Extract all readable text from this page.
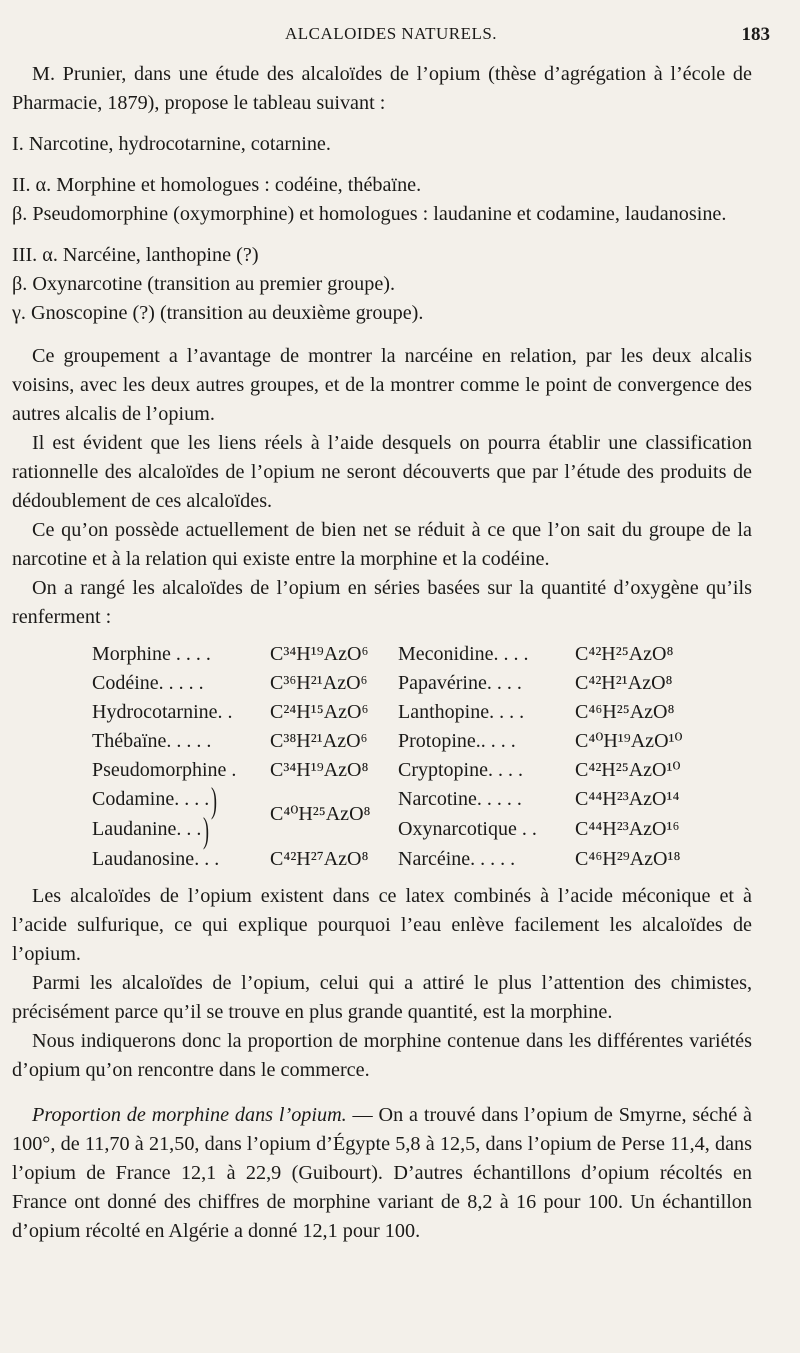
ALCALOIDES NATURELS.	183

M. Prunier, dans une étude des alcaloïdes de l’opium (thèse d’agrégation à l’école de Pharmacie, 1879), propose le tableau suivant :

I. Narcotine, hydrocotarnine, cotarnine.

II. α. Morphine et homologues : codéine, thébaïne.

β. Pseudomorphine (oxymorphine) et homologues : laudanine et codamine, laudanosine.

III. α. Narcéine, lanthopine (?)

β. Oxynarcotine (transition au premier groupe).

γ. Gnoscopine (?) (transition au deuxième groupe).

Ce groupement a l’avantage de montrer la narcéine en relation, par les deux alcalis voisins, avec les deux autres groupes, et de la montrer comme le point de convergence des autres alcalis de l’opium.

Il est évident que les liens réels à l’aide desquels on pourra établir une classification rationnelle des alcaloïdes de l’opium ne seront découverts que par l’étude des produits de dédoublement de ces alcaloïdes.

Ce qu’on possède actuellement de bien net se réduit à ce que l’on sait du groupe de la narcotine et à la relation qui existe entre la morphine et la codéine.

On a rangé les alcaloïdes de l’opium en séries basées sur la quantité d’oxygène qu’ils renferment :

Morphine . . . .	C³⁴H¹⁹AzO⁶	Meconidine. . . .	C⁴²H²⁵AzO⁸
Codéine. . . . .	C³⁶H²¹AzO⁶	Papavérine. . . .	C⁴²H²¹AzO⁸
Hydrocotarnine. .	C²⁴H¹⁵AzO⁶	Lanthopine. . . .	C⁴⁶H²⁵AzO⁸
Thébaïne. . . . .	C³⁸H²¹AzO⁶	Protopine.. . . .	C⁴⁰H¹⁹AzO¹⁰
Pseudomorphine .	C³⁴H¹⁹AzO⁸	Cryptopine. . . .	C⁴²H²⁵AzO¹⁰
Codamine. . . . )	C⁴⁰H²⁵AzO⁸	Narcotine. . . . .	C⁴⁴H²³AzO¹⁴
Laudanine. . . )		Oxynarcotique . .	C⁴⁴H²³AzO¹⁶
Laudanosine. . .	C⁴²H²⁷AzO⁸	Narcéine. . . . .	C⁴⁶H²⁹AzO¹⁸

Les alcaloïdes de l’opium existent dans ce latex combinés à l’acide méconique et à l’acide sulfurique, ce qui explique pourquoi l’eau enlève facilement les alcaloïdes de l’opium.

Parmi les alcaloïdes de l’opium, celui qui a attiré le plus l’attention des chimistes, précisément parce qu’il se trouve en plus grande quantité, est la morphine.

Nous indiquerons donc la proportion de morphine contenue dans les différentes variétés d’opium qu’on rencontre dans le commerce.

Proportion de morphine dans l’opium. — On a trouvé dans l’opium de Smyrne, séché à 100°, de 11,70 à 21,50, dans l’opium d’Égypte 5,8 à 12,5, dans l’opium de Perse 11,4, dans l’opium de France 12,1 à 22,9 (Guibourt). D’autres échantillons d’opium récoltés en France ont donné des chiffres de morphine variant de 8,2 à 16 pour 100. Un échantillon d’opium récolté en Algérie a donné 12,1 pour 100.
